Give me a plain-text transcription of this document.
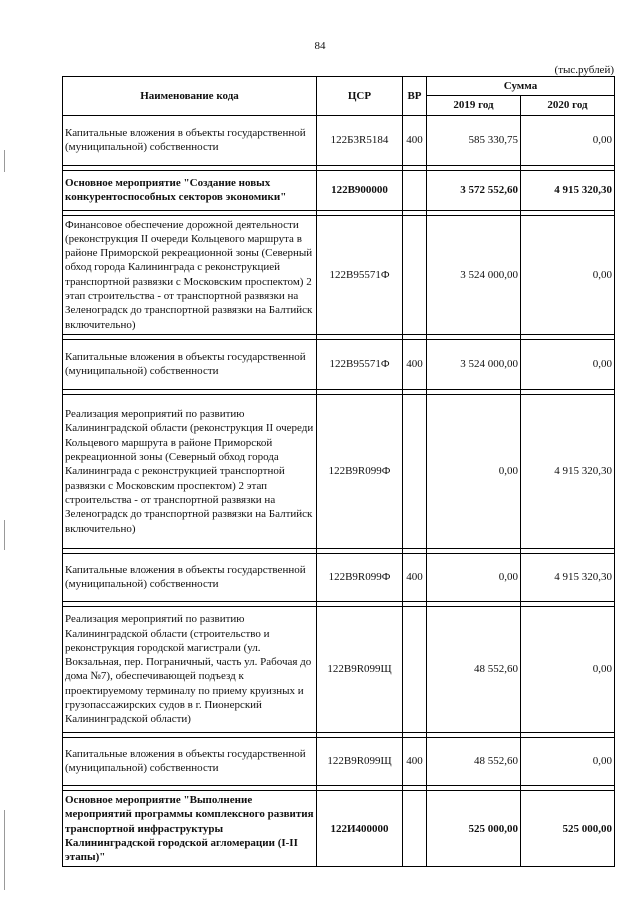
84
(тыс.рублей)
Наименование кода	ЦСР	ВР	Сумма	
			2019 год	2020 год
Капитальные вложения в объекты государственной (муниципальной) собственности	122Б3R5184	400	585 330,75	0,00

Основное мероприятие "Создание новых конкурентоспособных секторов экономики"	122В900000		3 572 552,60	4 915 320,30

Финансовое обеспечение дорожной деятельности (реконструкция II очереди Кольцевого маршрута в районе Приморской рекреационной зоны (Северный обход города Калининграда с реконструкцией транспортной развязки с Московским проспектом) 2 этап строительства - от транспортной развязки на Зеленоградск до транспортной развязки на Балтийск включительно)	122В95571Ф		3 524 000,00	0,00

Капитальные вложения в объекты государственной (муниципальной) собственности	122В95571Ф	400	3 524 000,00	0,00

Реализация мероприятий по развитию Калининградской области (реконструкция II очереди Кольцевого маршрута в районе Приморской рекреационной зоны (Северный обход города Калининграда с реконструкцией транспортной развязки с Московским проспектом) 2 этап строительства - от транспортной развязки на Зеленоградск до транспортной развязки на Балтийск включительно)	122В9R099Ф		0,00	4 915 320,30

Капитальные вложения в объекты государственной (муниципальной) собственности	122В9R099Ф	400	0,00	4 915 320,30

Реализация мероприятий по развитию Калининградской области (строительство и реконструкция городской магистрали (ул. Вокзальная, пер. Пограничный, часть ул. Рабочая до дома №7), обеспечивающей подъезд к проектируемому терминалу по приему круизных и грузопассажирских судов в г. Пионерский Калининградской области)	122В9R099Щ		48 552,60	0,00

Капитальные вложения в объекты государственной (муниципальной) собственности	122В9R099Щ	400	48 552,60	0,00

Основное мероприятие "Выполнение мероприятий программы комплексного развития транспортной инфраструктуры Калининградской городской агломерации (I-II этапы)"	122И400000		525 000,00	525 000,00
